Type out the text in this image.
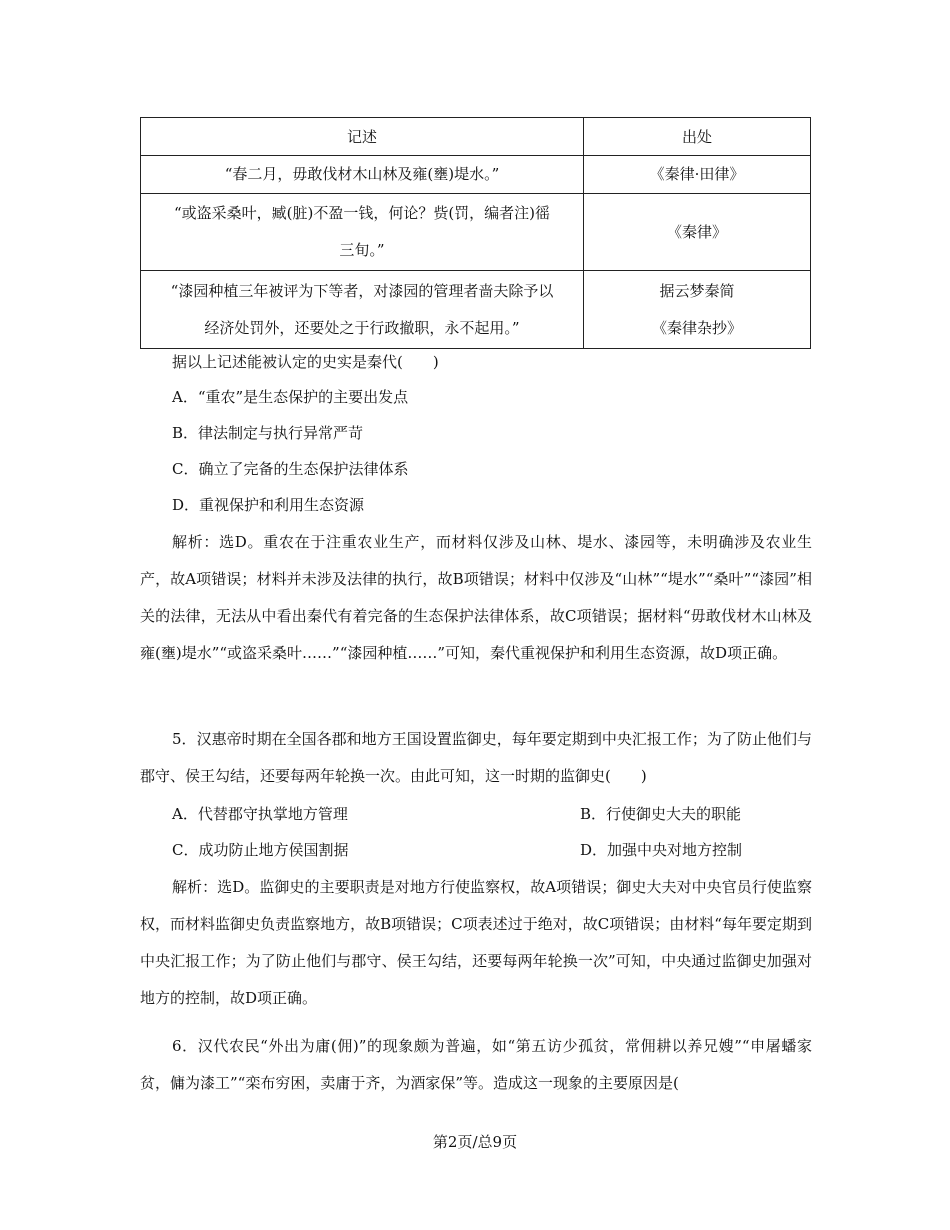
记述	出处

“春二月，毋敢伐材木山林及雍(壅)堤水。”	《秦律·田律》

“或盗采桑叶，臧(脏)不盈一钱，何论？赀(罚，编者注)徭
三旬。”	《秦律》

“漆园种植三年被评为下等者，对漆园的管理者啬夫除予以
经济处罚外，还要处之于行政撤职，永不起用。”	据云梦秦简
《秦律杂抄》

据以上记述能被认定的史实是秦代(　　)

A．“重农”是生态保护的主要出发点
B．律法制定与执行异常严苛
C．确立了完备的生态保护法律体系
D．重视保护和利用生态资源

解析：选D。重农在于注重农业生产，而材料仅涉及山林、堤水、漆园等，未明确涉及农业生产，故A项错误；材料并未涉及法律的执行，故B项错误；材料中仅涉及“山林”“堤水”“桑叶”“漆园”相关的法律，无法从中看出秦代有着完备的生态保护法律体系，故C项错误；据材料“毋敢伐材木山林及雍(壅)堤水”“或盗采桑叶……”“漆园种植……”可知，秦代重视保护和利用生态资源，故D项正确。

5．汉惠帝时期在全国各郡和地方王国设置监御史，每年要定期到中央汇报工作；为了防止他们与郡守、侯王勾结，还要每两年轮换一次。由此可知，这一时期的监御史(　　)

A．代替郡守执掌地方管理	B．行使御史大夫的职能
C．成功防止地方侯国割据	D．加强中央对地方控制

解析：选D。监御史的主要职责是对地方行使监察权，故A项错误；御史大夫对中央官员行使监察权，而材料监御史负责监察地方，故B项错误；C项表述过于绝对，故C项错误；由材料“每年要定期到中央汇报工作；为了防止他们与郡守、侯王勾结，还要每两年轮换一次”可知，中央通过监御史加强对地方的控制，故D项正确。

6．汉代农民“外出为庸(佣)”的现象颇为普遍，如“第五访少孤贫，常佣耕以养兄嫂”“申屠蟠家贫，傭为漆工”“栾布穷困，卖庸于齐，为酒家保”等。造成这一现象的主要原因是(

第2页/总9页
